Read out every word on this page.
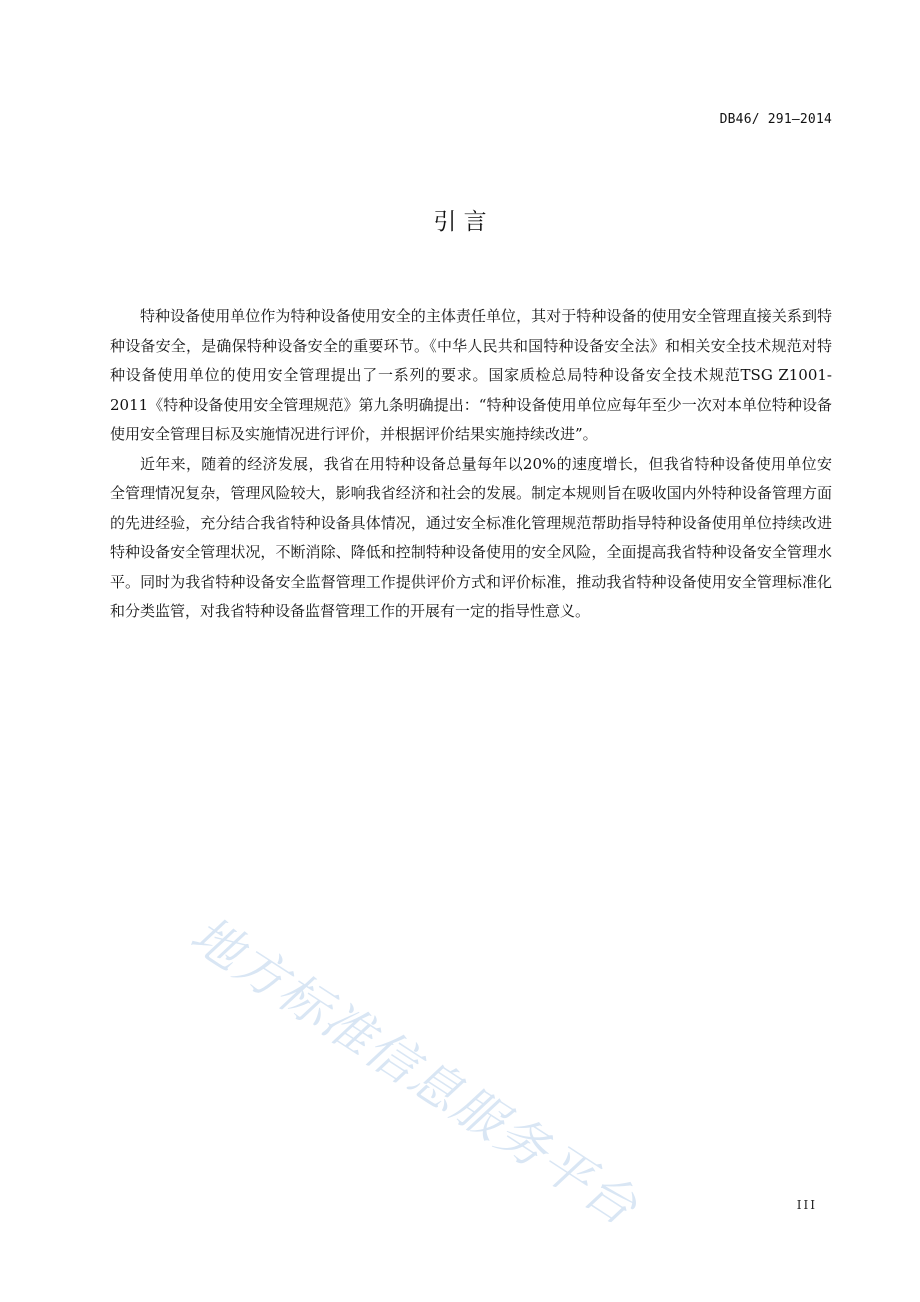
DB46/ 291—2014
引 言

特种设备使用单位作为特种设备使用安全的主体责任单位，其对于特种设备的使用安全管理直接关系到特种设备安全，是确保特种设备安全的重要环节。《中华人民共和国特种设备安全法》和相关安全技术规范对特种设备使用单位的使用安全管理提出了一系列的要求。国家质检总局特种设备安全技术规范TSG Z1001-2011《特种设备使用安全管理规范》第九条明确提出：“特种设备使用单位应每年至少一次对本单位特种设备使用安全管理目标及实施情况进行评价，并根据评价结果实施持续改进”。

近年来，随着的经济发展，我省在用特种设备总量每年以20%的速度增长，但我省特种设备使用单位安全管理情况复杂，管理风险较大，影响我省经济和社会的发展。制定本规则旨在吸收国内外特种设备管理方面的先进经验，充分结合我省特种设备具体情况，通过安全标准化管理规范帮助指导特种设备使用单位持续改进特种设备安全管理状况，不断消除、降低和控制特种设备使用的安全风险，全面提高我省特种设备安全管理水平。同时为我省特种设备安全监督管理工作提供评价方式和评价标准，推动我省特种设备使用安全管理标准化和分类监管，对我省特种设备监督管理工作的开展有一定的指导性意义。

地方标准信息服务平台	III
